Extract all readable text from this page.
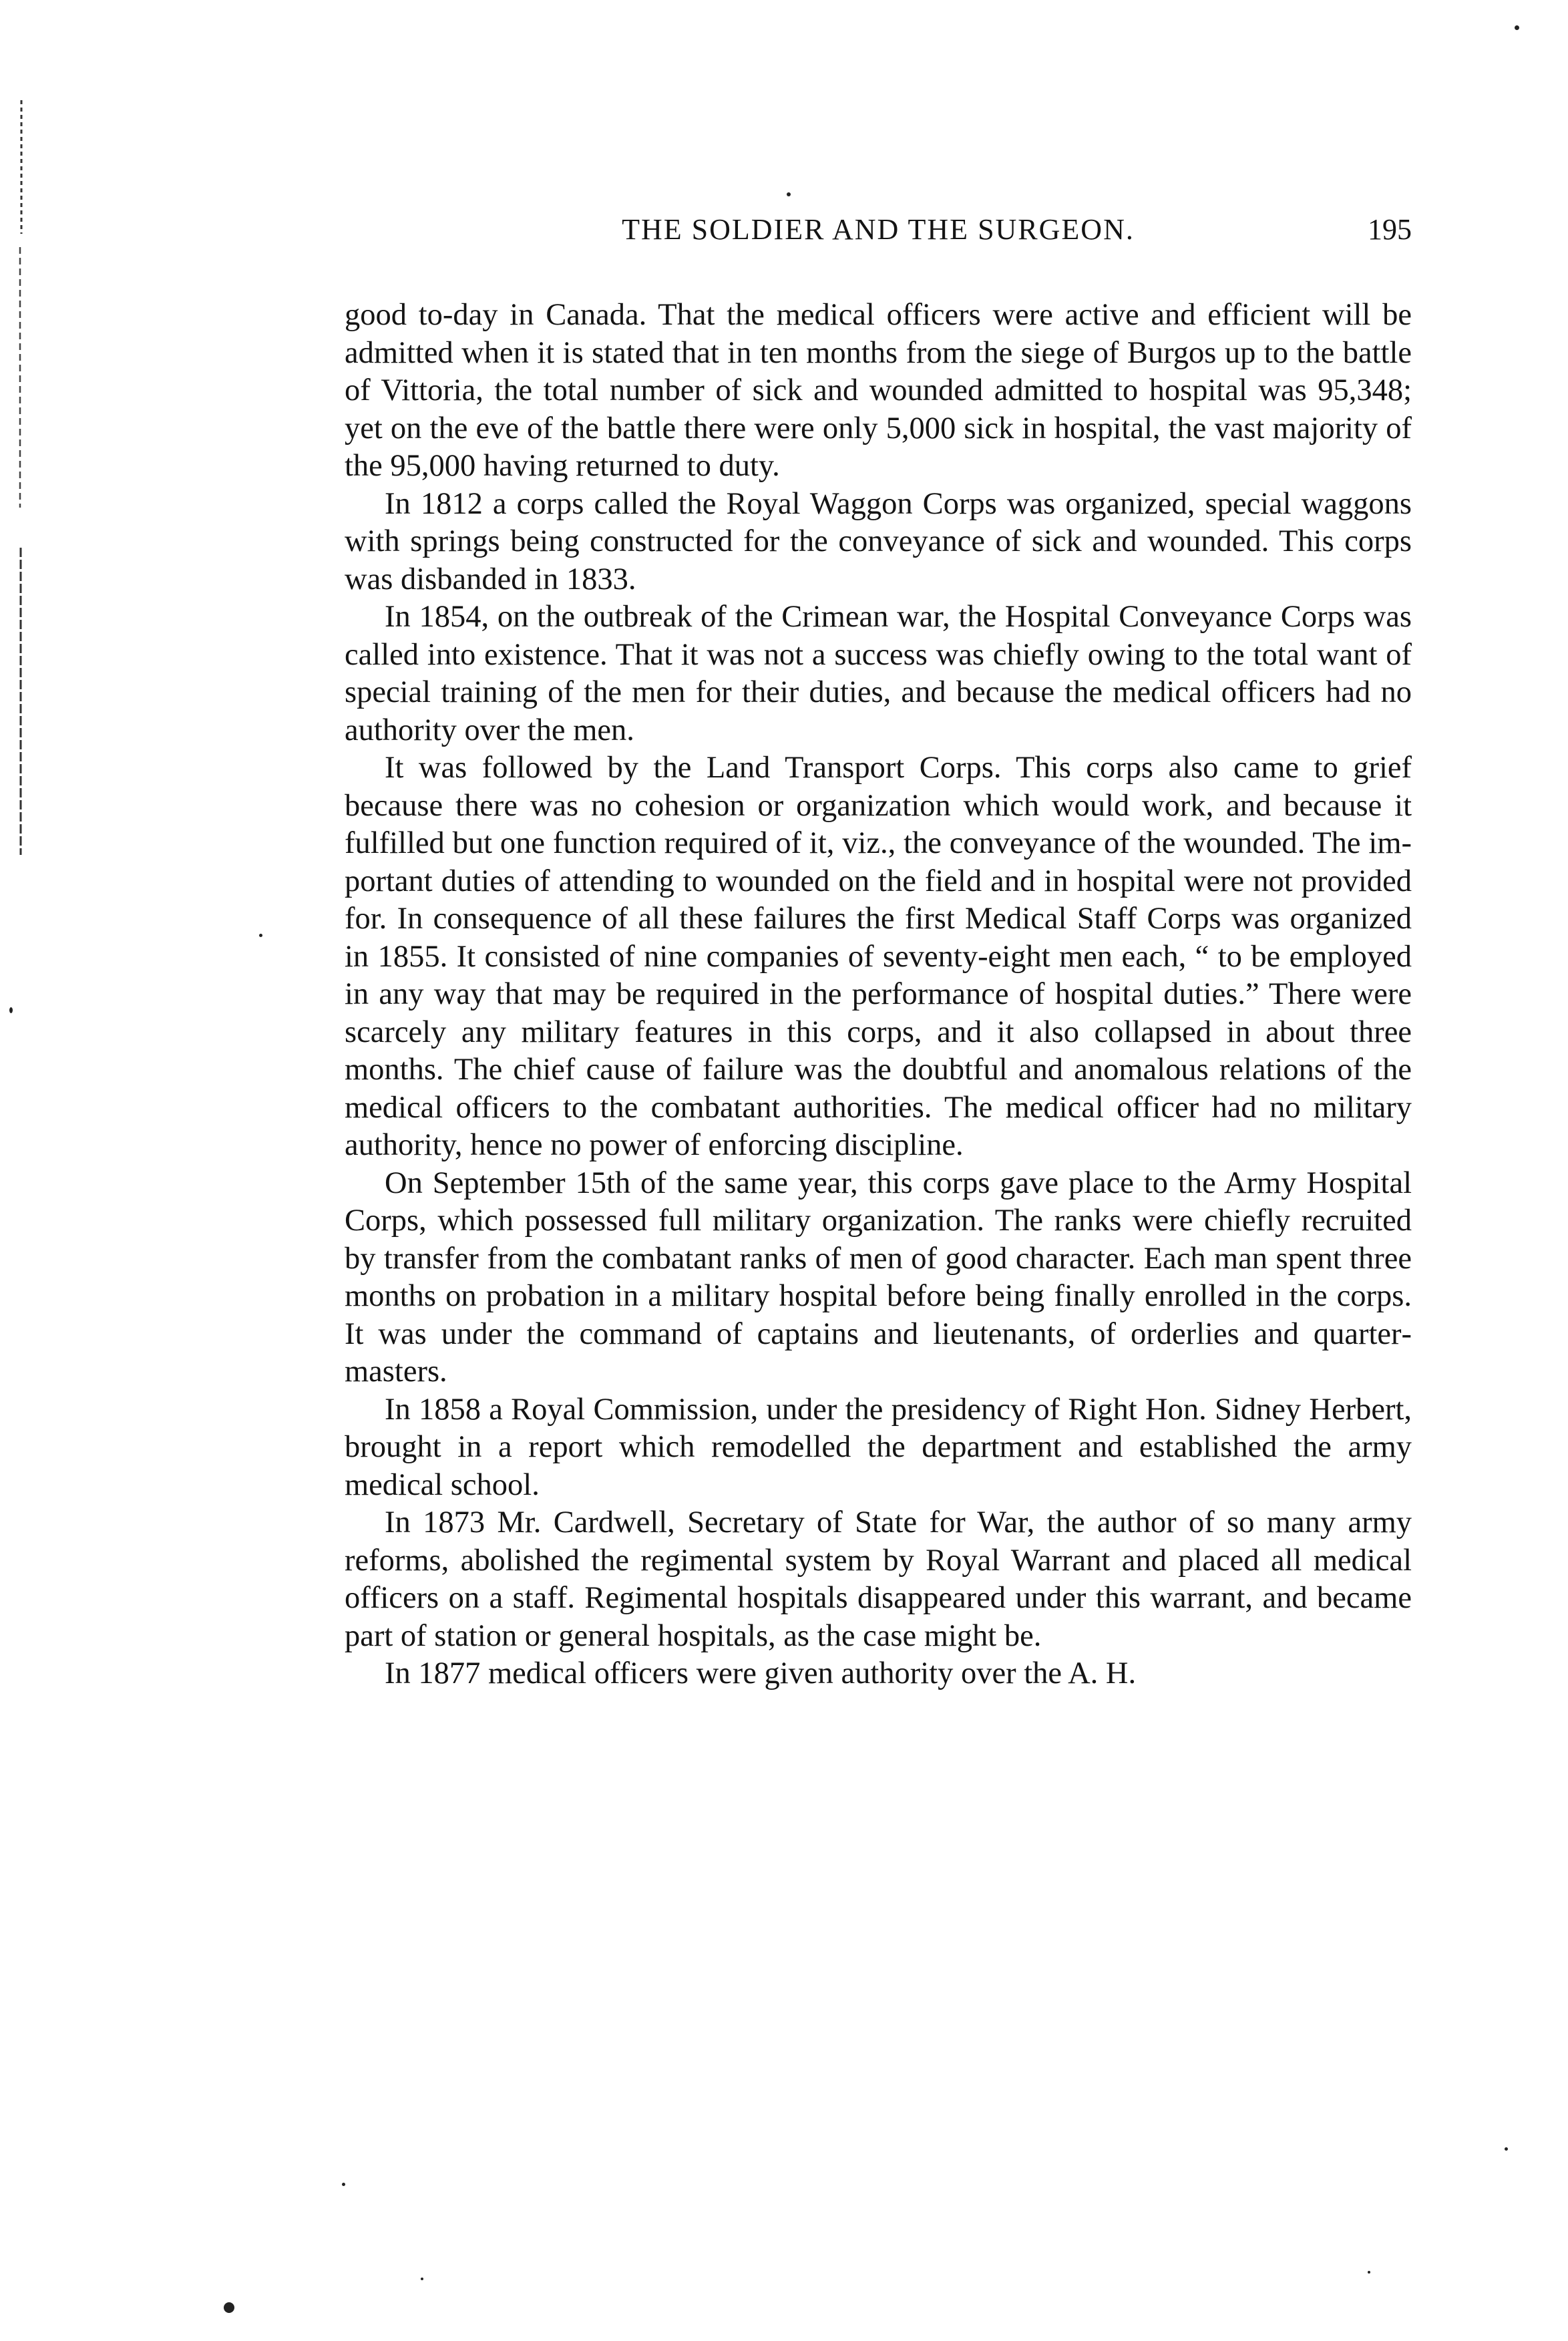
THE SOLDIER AND THE SURGEON.	195

good to-day in Canada. That the medical officers were active and efficient will be admitted when it is stated that in ten months from the siege of Burgos up to the battle of Vittoria, the total number of sick and wounded admitted to hospital was 95,348; yet on the eve of the battle there were only 5,000 sick in hospital, the vast majority of the 95,000 having returned to duty.

In 1812 a corps called the Royal Waggon Corps was organized, special waggons with springs being constructed for the conveyance of sick and wounded. This corps was disbanded in 1833.

In 1854, on the outbreak of the Crimean war, the Hospital Conveyance Corps was called into existence. That it was not a success was chiefly owing to the total want of special training of the men for their duties, and because the medical officers had no authority over the men.

It was followed by the Land Transport Corps. This corps also came to grief because there was no cohesion or organization which would work, and because it fulfilled but one function required of it, viz., the conveyance of the wounded. The important duties of attending to wounded on the field and in hospital were not provided for. In consequence of all these failures the first Medical Staff Corps was organized in 1855. It consisted of nine companies of seventy-eight men each, “ to be employed in any way that may be required in the performance of hospital duties.” There were scarcely any military features in this corps, and it also collapsed in about three months. The chief cause of failure was the doubtful and anomalous relations of the medical officers to the combatant authorities. The medical officer had no military authority, hence no power of enforcing discipline.

On September 15th of the same year, this corps gave place to the Army Hospital Corps, which possessed full military organization. The ranks were chiefly recruited by transfer from the combatant ranks of men of good character. Each man spent three months on probation in a military hospital before being finally enrolled in the corps. It was under the command of captains and lieutenants, of orderlies and quartermasters.

In 1858 a Royal Commission, under the presidency of Right Hon. Sidney Herbert, brought in a report which remodelled the department and established the army medical school.

In 1873 Mr. Cardwell, Secretary of State for War, the author of so many army reforms, abolished the regimental system by Royal Warrant and placed all medical officers on a staff. Regimental hospitals disappeared under this warrant, and became part of station or general hospitals, as the case might be.

In 1877 medical officers were given authority over the A. H.
